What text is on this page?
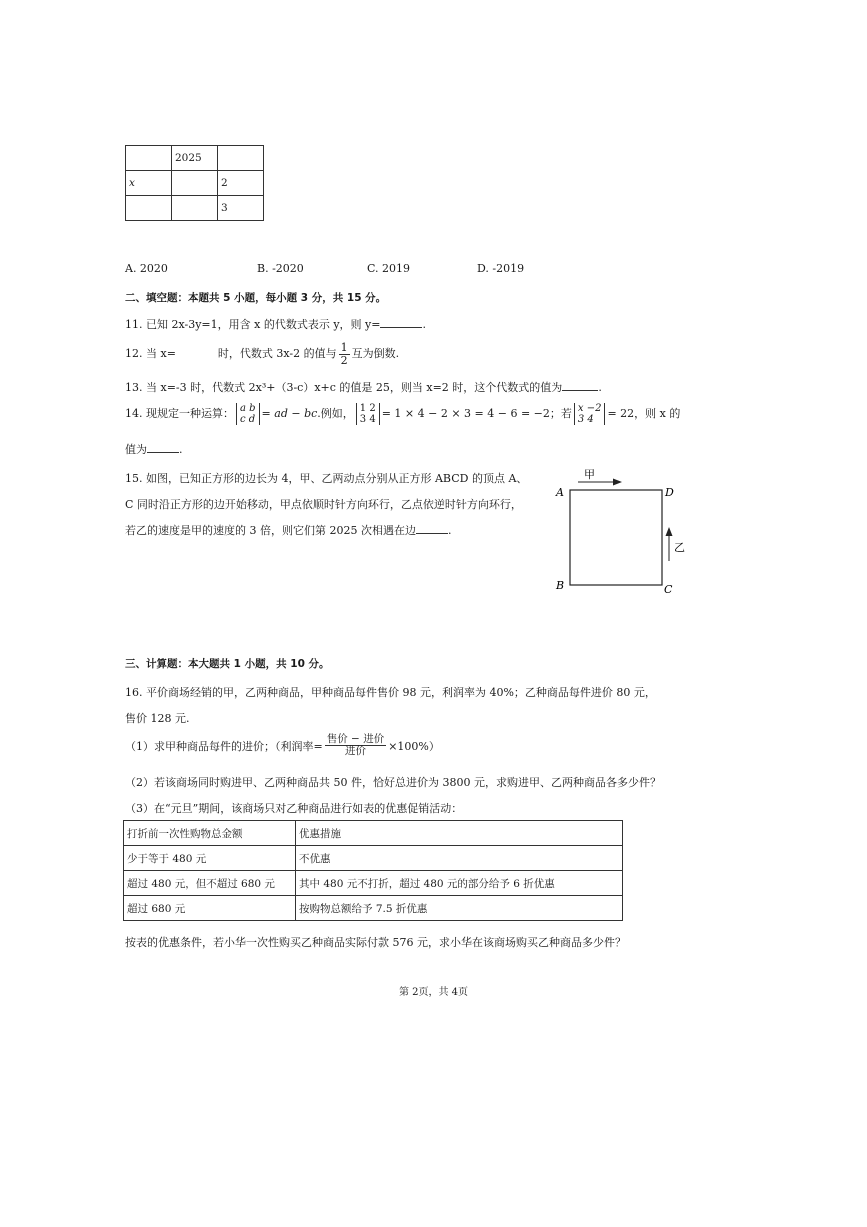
	2025	
x		2
		3
A. 2020	B. -2020	C. 2019	D. -2019
二、填空题：本题共 5 小题，每小题 3 分，共 15 分。
11. 已知 2x-3y=1，用含 x 的代数式表示 y，则 y=	.
12. 当 x=	时，代数式 3x-2 的值与 $\frac{1}{2}$ 互为倒数.
13. 当 x=-3 时，代数式 2x³+（3-c）x+c 的值是 25，则当 x=2 时，这个代数式的值为	.
14. 现规定一种运算： a b
c d = ad − bc.例如， 1 2
3 4 = 1 × 4 − 2 × 3 = 4 − 6 = −2；若 x −2
3 4	= 22，则 x 的
值为	.
15. 如图，已知正方形的边长为 4，甲、乙两动点分别从正方形 ABCD 的顶点 A、
C 同时沿正方形的边开始移动，甲点依顺时针方向环行，乙点依逆时针方向环行，
若乙的速度是甲的速度的 3 倍，则它们第 2025 次相遇在边	.
甲
乙
A	D
B	C
三、计算题：本大题共 1 小题，共 10 分。
16. 平价商场经销的甲，乙两种商品，甲种商品每件售价 98 元，利润率为 40%；乙种商品每件进价 80 元，
售价 128 元.
（1）求甲种商品每件的进价；（利润率= $\frac{\text{售价 − 进价}}{\text{进价}} \times 100\%$）
（2）若该商场同时购进甲、乙两种商品共 50 件，恰好总进价为 3800 元，求购进甲、乙两种商品各多少件？
（3）在“元旦”期间，该商场只对乙种商品进行如表的优惠促销活动：
打折前一次性购物总金额	优惠措施
少于等于 480 元	不优惠
超过 480 元，但不超过 680 元	其中 480 元不打折，超过 480 元的部分给予 6 折优惠
超过 680 元	按购物总额给予 7.5 折优惠
按表的优惠条件，若小华一次性购买乙种商品实际付款 576 元，求小华在该商场购买乙种商品多少件？
第 2页，共 4页
